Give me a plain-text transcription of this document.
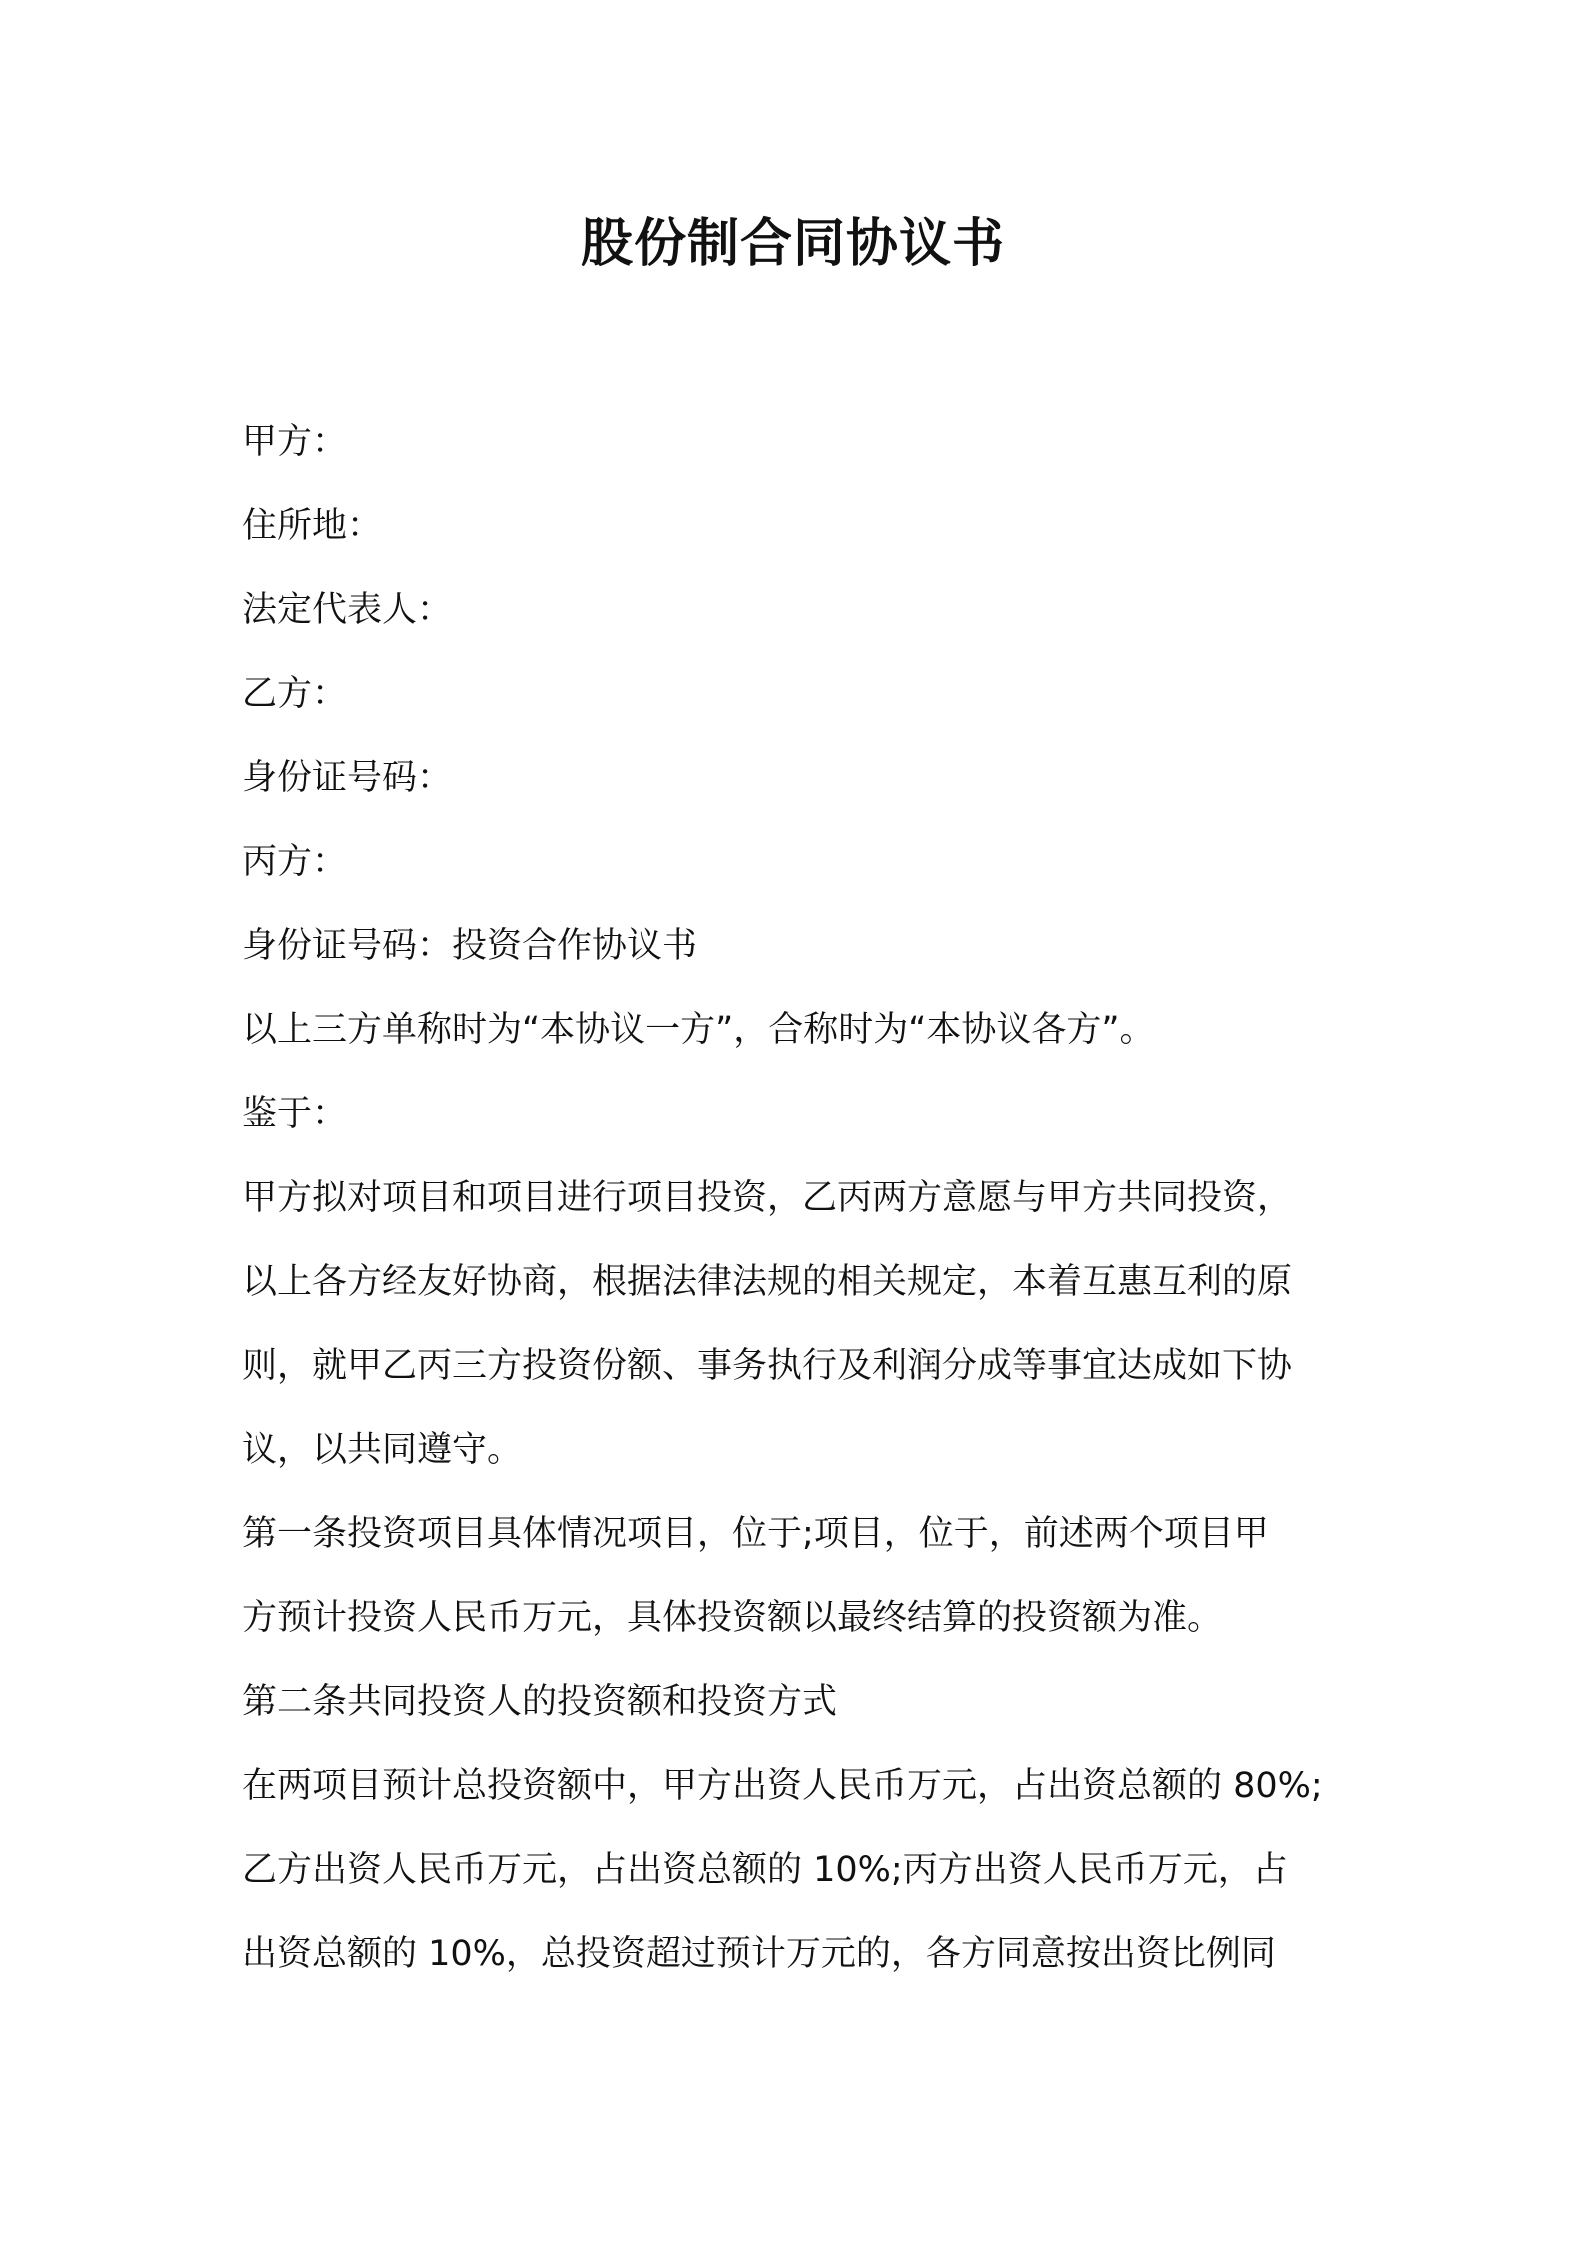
股份制合同协议书
甲方：
住所地：
法定代表人：
乙方：
身份证号码：
丙方：
身份证号码：投资合作协议书
以上三方单称时为“本协议一方”，合称时为“本协议各方”。
鉴于：
甲方拟对项目和项目进行项目投资，乙丙两方意愿与甲方共同投资，
以上各方经友好协商，根据法律法规的相关规定，本着互惠互利的原
则，就甲乙丙三方投资份额、事务执行及利润分成等事宜达成如下协
议，以共同遵守。
第一条投资项目具体情况项目，位于;项目，位于，前述两个项目甲
方预计投资人民币万元，具体投资额以最终结算的投资额为准。
第二条共同投资人的投资额和投资方式
在两项目预计总投资额中，甲方出资人民币万元，占出资总额的 80%;
乙方出资人民币万元，占出资总额的 10%;丙方出资人民币万元，占
出资总额的 10%，总投资超过预计万元的，各方同意按出资比例同
